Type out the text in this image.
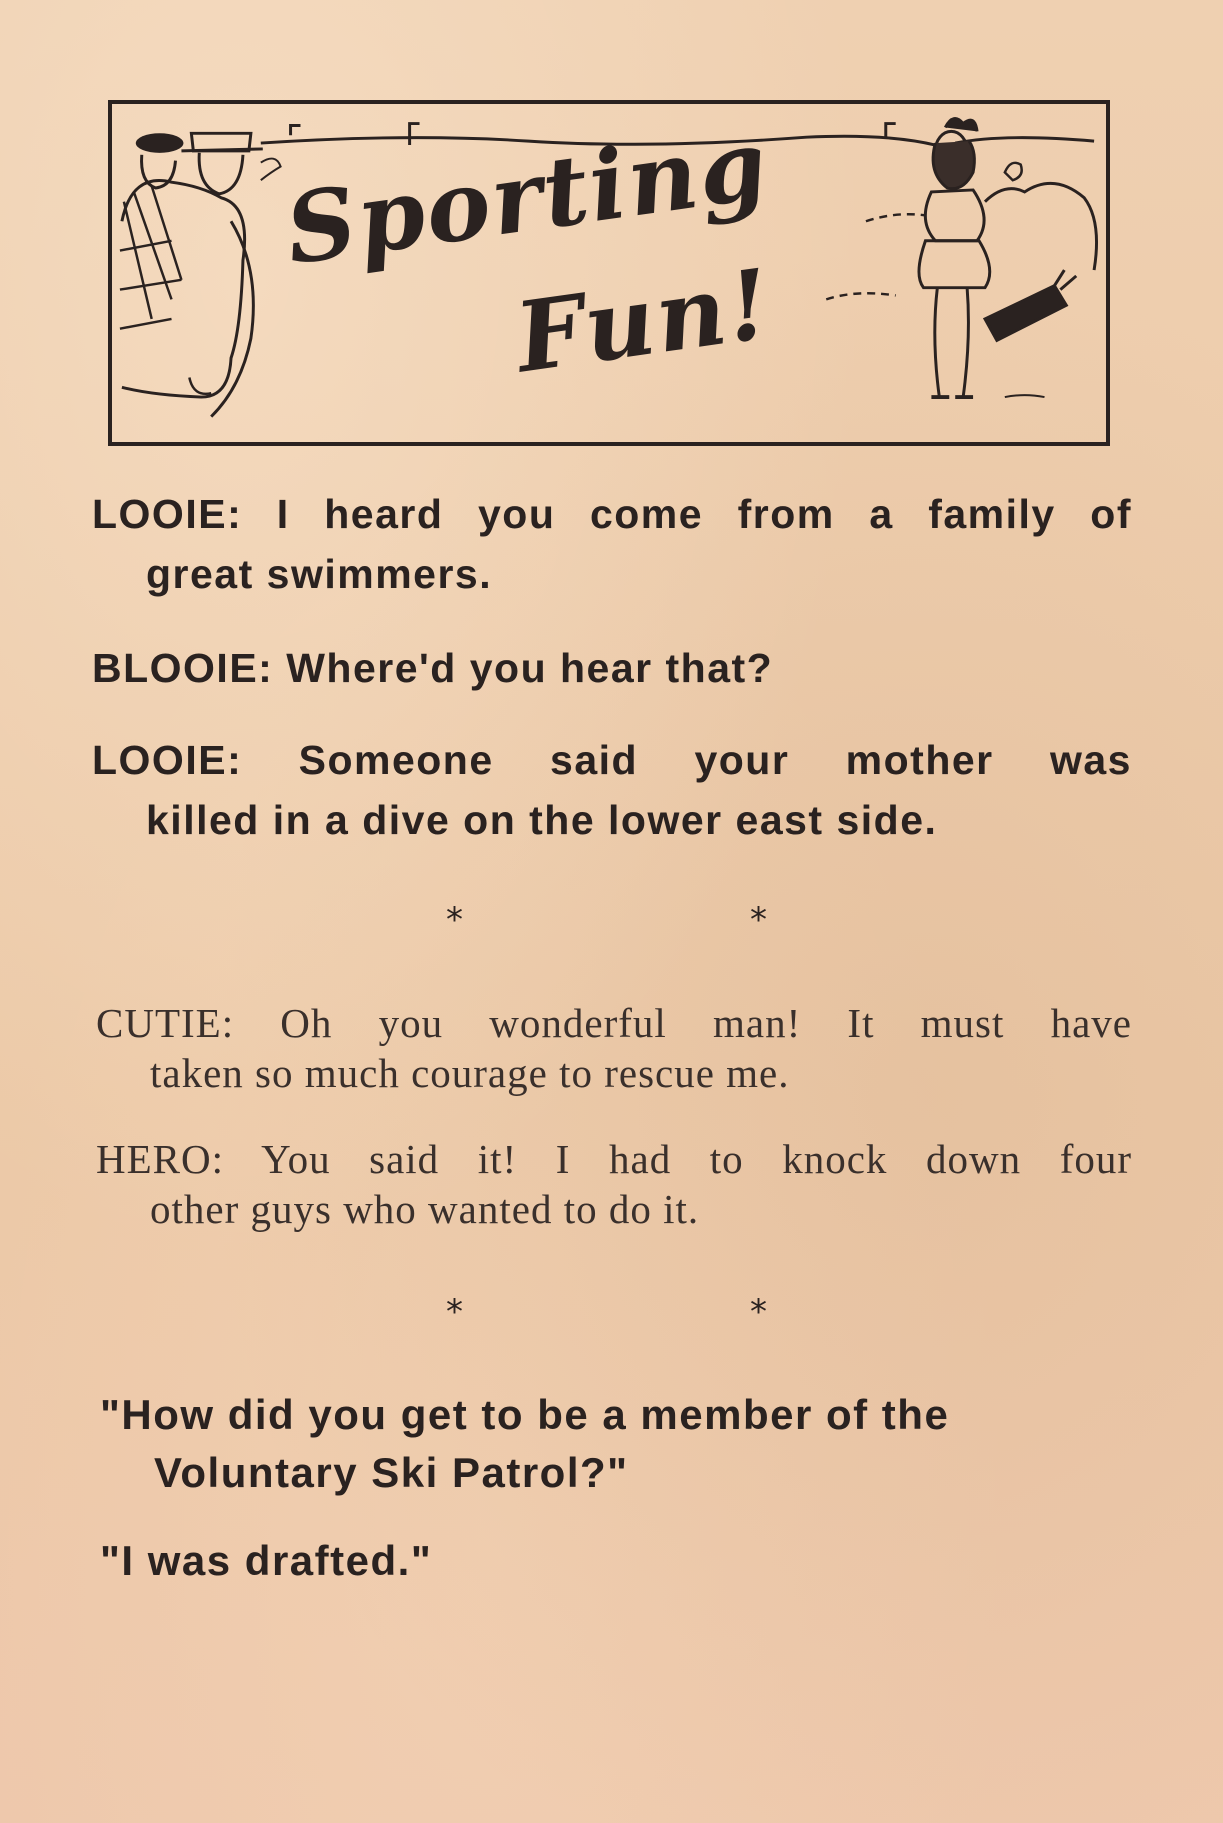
Sporting
Fun!
LOOIE: I heard you come from a family of
great swimmers.
BLOOIE: Where'd you hear that?
LOOIE: Someone said your mother was
killed in a dive on the lower east side.
*	*
CUTIE: Oh you wonderful man! It must have
taken so much courage to rescue me.
HERO: You said it! I had to knock down four
other guys who wanted to do it.
*	*
"How did you get to be a member of the
Voluntary Ski Patrol?"
"I was drafted."
